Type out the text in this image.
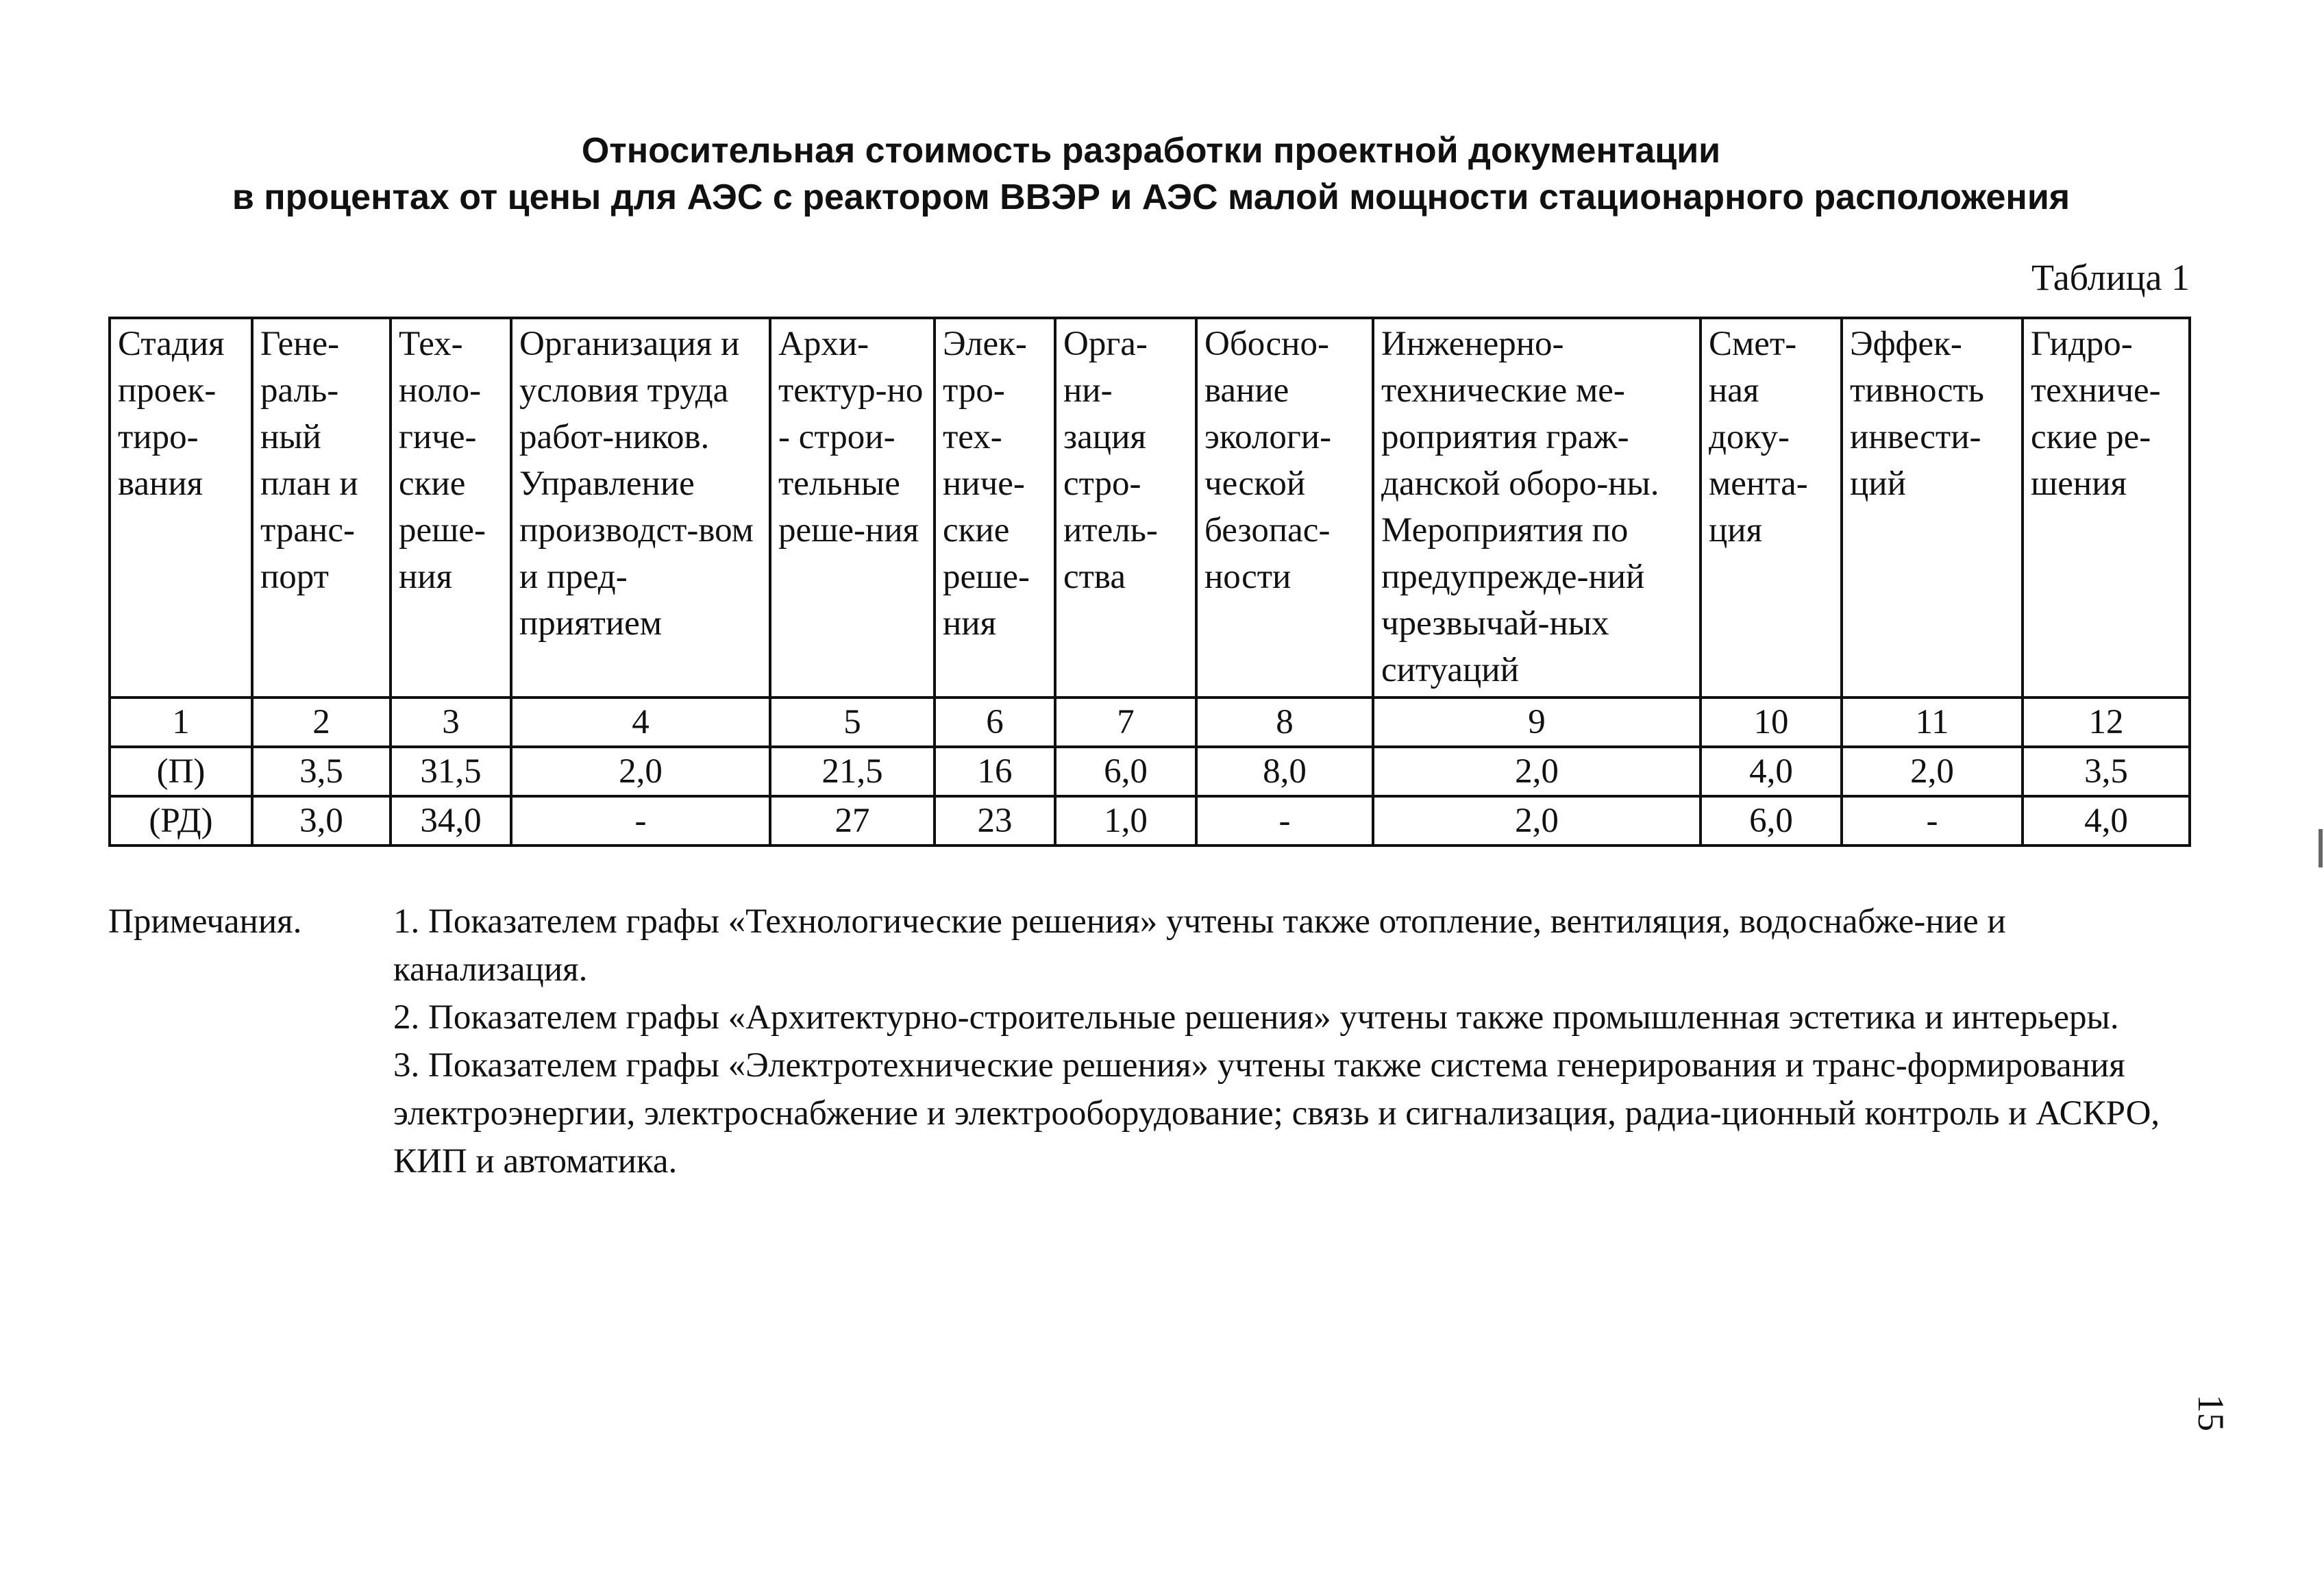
Относительная стоимость разработки проектной документации
в процентах от цены для АЭС с реактором ВВЭР и АЭС малой мощности стационарного расположения
Таблица 1
Стадия проек-тиро-вания	Гене-раль-ный план и транс-порт	Тех-ноло-гиче-ские реше-ния	Организация и условия труда работ-ников. Управление производст-вом и пред-приятием	Архи-тектур-но - строи-тельные реше-ния	Элек-тро-тех-ниче-ские реше-ния	Орга-ни-зация стро-итель-ства	Обосно-вание экологи-ческой безопас-ности	Инженерно-технические ме-роприятия граж-данской оборо-ны. Мероприятия по предупрежде-ний чрезвычай-ных ситуаций	Смет-ная доку-мента-ция	Эффек-тивность инвести-ций	Гидро-техниче-ские ре-шения
1	2	3	4	5	6	7	8	9	10	11	12
(П)	3,5	31,5	2,0	21,5	16	6,0	8,0	2,0	4,0	2,0	3,5
(РД)	3,0	34,0	-	27	23	1,0	-	2,0	6,0	-	4,0
Примечания.	1. Показателем графы «Технологические решения» учтены также отопление, вентиляция, водоснабже-ние и канализация.

2. Показателем графы «Архитектурно-строительные решения» учтены также промышленная эстетика и интерьеры.

3. Показателем графы «Электротехнические решения» учтены также система генерирования и транс-формирования электроэнергии, электроснабжение и электрооборудование; связь и сигнализация, радиа-ционный контроль и АСКРО, КИП и автоматика.

15
